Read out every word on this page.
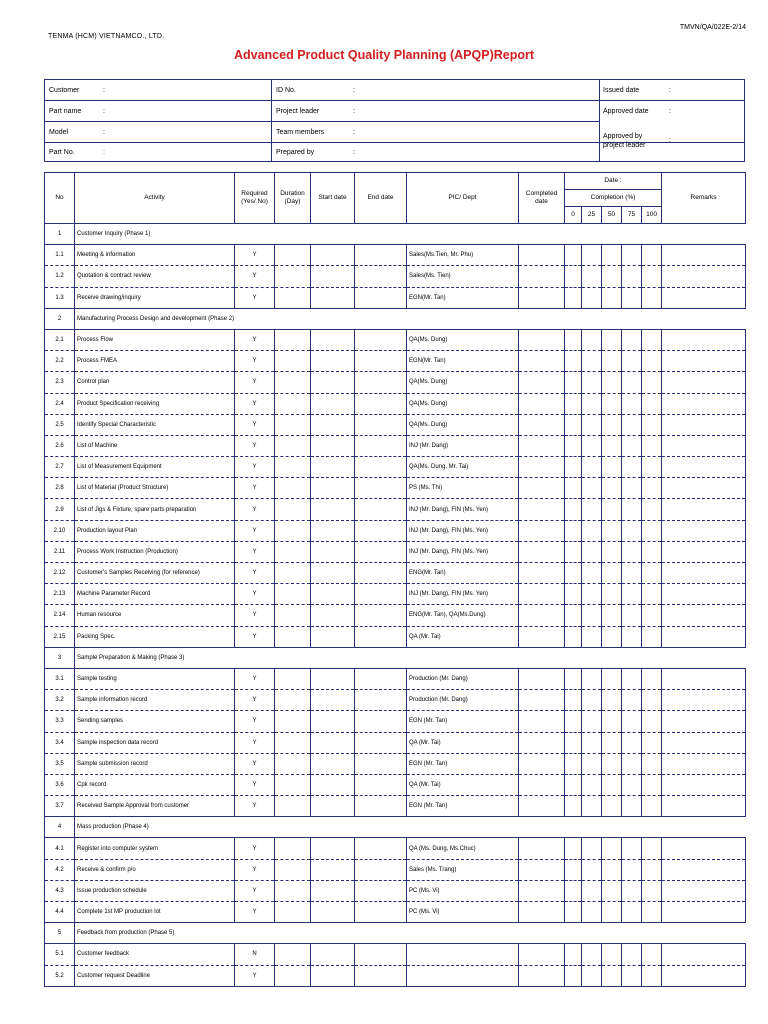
TENMA (HCM) VIETNAMCO., LTD.
TMVN/QA/022E-2/14
Advanced Product Quality Planning (APQP)Report
Customer	:
Part name	:
Model	:
Part No.	:
ID No.	:
Project leader	:
Team members	:
Prepared by	:
Issued date	:
Approved date	:
Approved by project leader
:
No	Activity	Required (Yes/ No)	Duration (Day)	Start date	End date	PIC/ Dept	Completed date	Date :					Remarks
								Completion (%)					
								0	25	50	75	100	
1	Customer Inquiry (Phase 1)												
1.1	Meeting & information	Y				Sales(Ms.Tien, Mr. Phu)							
1.2	Quotation & contract review	Y				Sales(Ms. Tien)							
1.3	Receive drawing/inquiry	Y				EGN(Mr. Tan)							
2	Manufacturing Process Design and development (Phase 2)												
2.1	Process Flow	Y				QA(Ms. Dung)							
2.2	Process FMEA	Y				EGN(Mr. Tan)							
2.3	Control plan	Y				QA(Ms. Dung)							
2.4	Product Specification receiving	Y				QA(Ms. Dung)							
2.5	Identify Special Characteristic	Y				QA(Ms. Dung)							
2.6	List of Machine	Y				INJ (Mr. Dang)							
2.7	List of Measurement Equipment	Y				QA(Ms. Dung, Mr. Tai)							
2.8	List of Material (Product Structure)	Y				PS (Ms. Thi)							
2.9	List of Jigs & Fixture, spare parts preparation	Y				INJ (Mr. Dang), FIN (Ms. Yen)							
2.10	Production layout Plan	Y				INJ (Mr. Dang), FIN (Ms. Yen)							
2.11	Process Work Instruction (Production)	Y				INJ (Mr. Dang), FIN (Ms. Yen)							
2.12	Customer's Samples Receiving (for reference)	Y				ENG(Mr. Tan)							
2.13	Machine Parameter Record	Y				INJ (Mr. Dang), FIN (Ms. Yen)							
2.14	Human resource	Y				ENG(Mr. Tan), QA(Ms.Dung)							
2.15	Packing Spec.	Y				QA (Mr. Tai)							
3	Sample Preparation & Making (Phase 3)												
3.1	Sample testing	Y				Production (Mr. Dang)							
3.2	Sample information record	Y				Production (Mr. Dang)							
3.3	Sending samples	Y				EGN (Mr. Tan)							
3.4	Sample inspection data record	Y				QA (Mr. Tai)							
3.5	Sample submission record	Y				EGN (Mr. Tan)							
3.6	Cpk record	Y				QA (Mr. Tai)							
3.7	Received Sample Approval from customer	Y				EGN (Mr. Tan)							
4	Mass production (Phase 4)												
4.1	Register into computer system	Y				QA (Ms. Dung, Ms.Chuc)							
4.2	Receive & confirm p/o	Y				Sales (Ms. Trang)							
4.3	Issue production schedule	Y				PC (Ms. Vi)							
4.4	Complete 1st MP production lot	Y				PC (Ms. Vi)							
5	Feedback from production (Phase 5)												
5.1	Customer feedback	N											
5.2	Customer request Deadline	Y											
